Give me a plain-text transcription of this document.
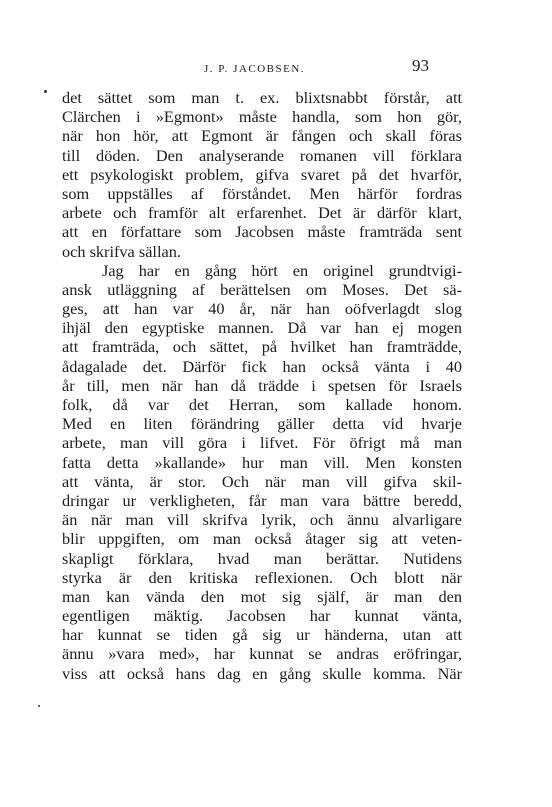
J. P. JACOBSEN.	93
det sättet som man t. ex. blixtsnabbt förstår, att
Clärchen i »Egmont» måste handla, som hon gör,
när hon hör, att Egmont är fången och skall föras
till döden. Den analyserande romanen vill förklara
ett psykologiskt problem, gifva svaret på det hvarför,
som uppställes af förståndet. Men härför fordras
arbete och framför alt erfarenhet. Det är därför klart,
att en författare som Jacobsen måste framträda sent
och skrifva sällan.
Jag har en gång hört en originel grundtvigi-
ansk utläggning af berättelsen om Moses. Det sä-
ges, att han var 40 år, när han oöfverlagdt slog
ihjäl den egyptiske mannen. Då var han ej mogen
att framträda, och sättet, på hvilket han framträdde,
ådagalade det. Därför fick han också vänta i 40
år till, men när han då trädde i spetsen för Israels
folk, då var det Herran, som kallade honom.
Med en liten förändring gäller detta vid hvarje
arbete, man vill göra i lifvet. För öfrigt må man
fatta detta »kallande» hur man vill. Men konsten
att vänta, är stor. Och när man vill gifva skil-
dringar ur verkligheten, får man vara bättre beredd,
än när man vill skrifva lyrik, och ännu alvarligare
blir uppgiften, om man också åtager sig att veten-
skapligt förklara, hvad man berättar. Nutidens
styrka är den kritiska reflexionen. Och blott när
man kan vända den mot sig själf, är man den
egentligen mäktig. Jacobsen har kunnat vänta,
har kunnat se tiden gå sig ur händerna, utan att
ännu »vara med», har kunnat se andras eröfringar,
viss att också hans dag en gång skulle komma. När
